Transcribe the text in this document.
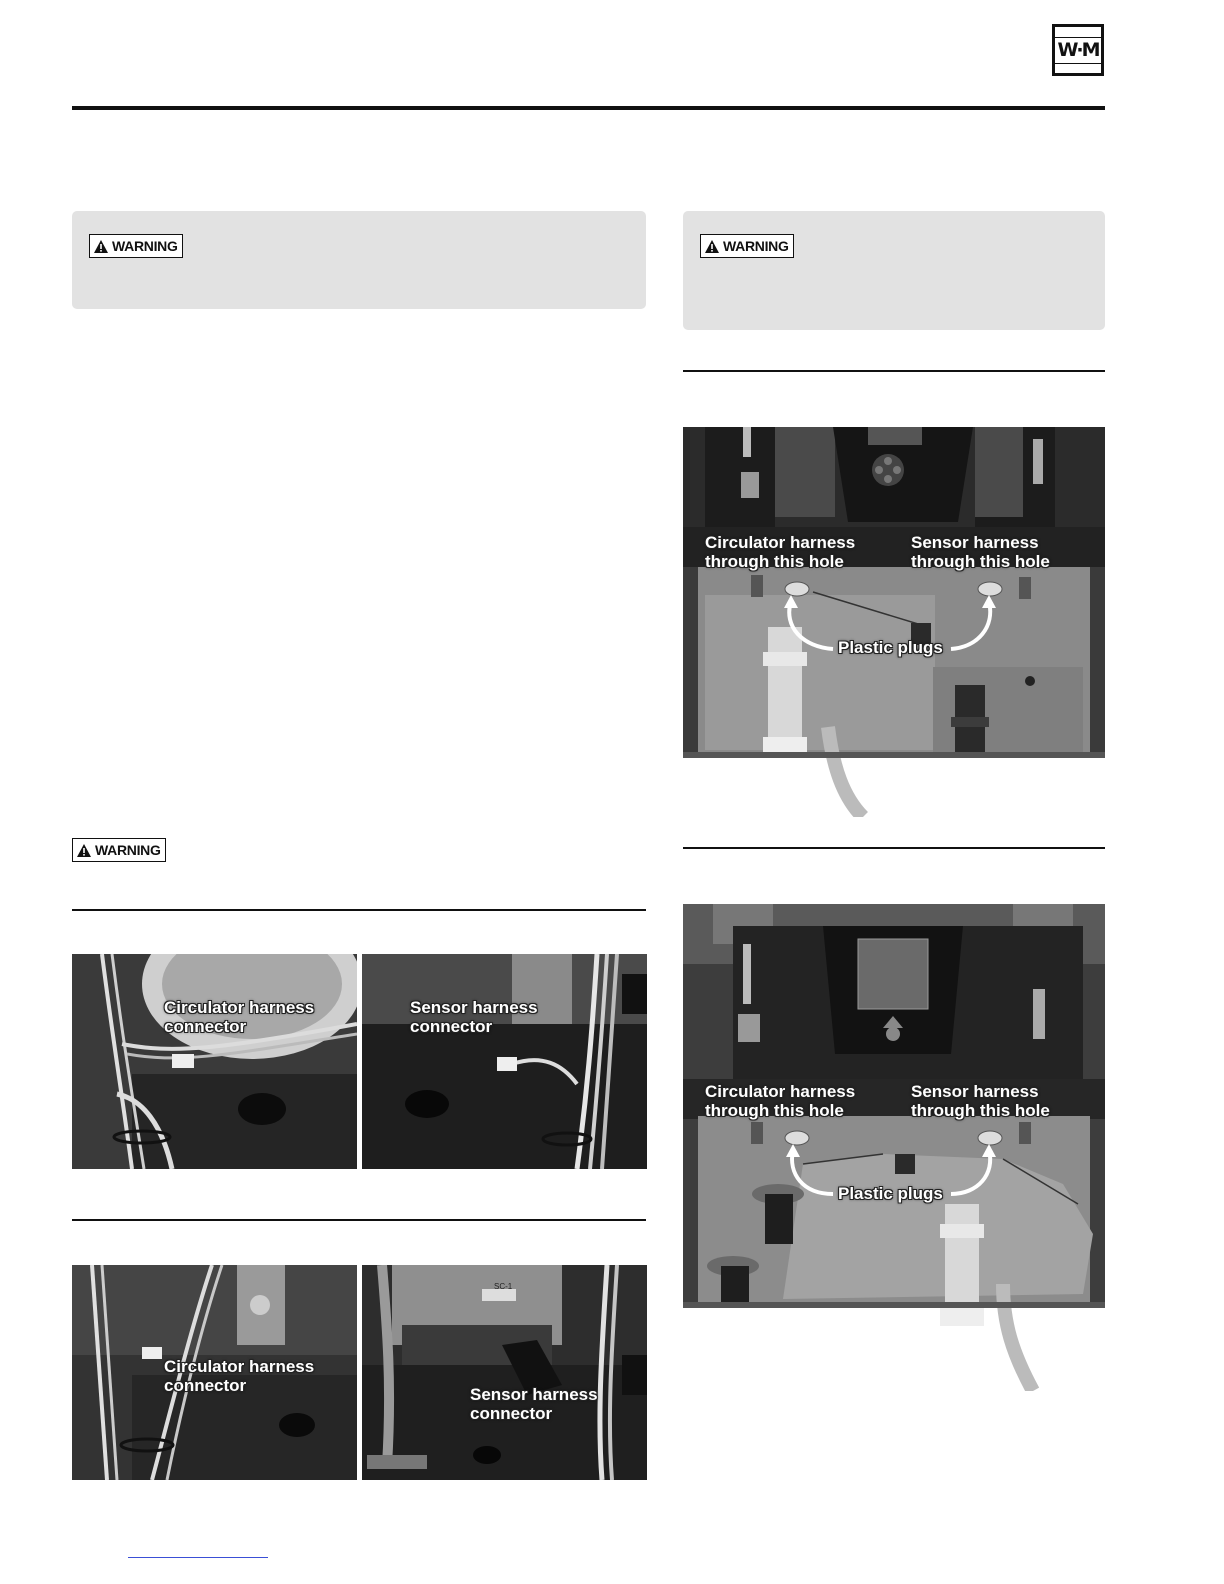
W·M
WARNING	WARNING
WARNING
Circulator harness
through this hole
Sensor harness
through this hole
Plastic plugs
Circulator harness
through this hole
Sensor harness
through this hole
Plastic plugs
Circulator harness
connector
Sensor harness
connector
Circulator harness
connector
SC-1
Sensor harness
connector
